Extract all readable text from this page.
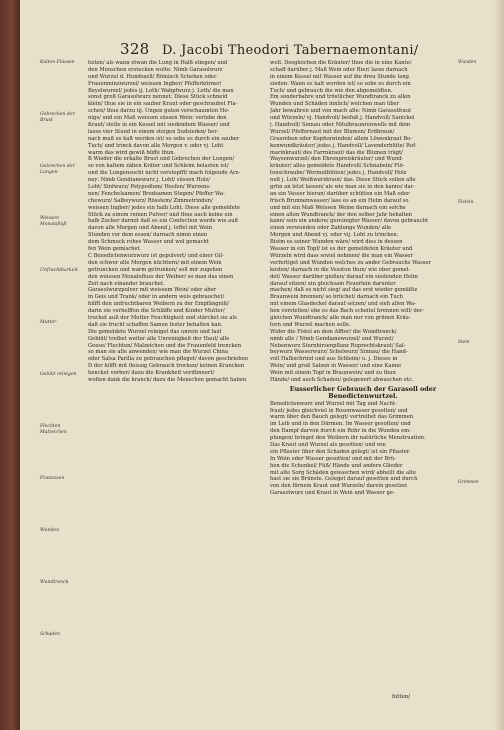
328 D. Jacobi Theodori Tabernaemontani/
Kalten Flüssen
Gebrechen der Brust
Gebrechen der Lungen
Weissen Monatsfluß
Unfruchtbarkeit
Mutter
Geblüt reinigen
Flechten Malzeichen
Franzosen
Wunden
Wundtranck
Schaden
tisten/ als wann etwan die Lung in Halß stiegen/ und
den Menschen erstecken wolte: Nimb Garasolwurz
und Wurzel d. Hundszell/ Römisch Schehen oder
Frauenminzwurzel/ weissen Ingber/ Pfefferkörner/
Beyelwurzel/ jedes ij. Loth/ Wahpfwurz j. Loth/ die man
sonst groß Garasolwurz nennet: Diese Stück schneid
klein/ thue sie in ein sauber Kraut oder geschraubet Fla-
schen/ thue darzu iij. Ungen guten verschaumten Ho-
nigs/ und ein Maß weissen süssen Wein: verlebe den
Kraut/ stelle in ein Kessel mit siedendem Wasser/ und
lasse vier Stund in einem steigen Sudsieden/ her-
nach muß es kalt werden ist/ so sebe es durch ein sauber
Tuch/ und trinck davon alle Morgen v. oder vj. Loht
warm das wird gewiß hüffe thun.
B Wieder die erkalte Brust und Gebrechen der Lungen/
so von kaltem zähen Kräter und Schleim belasten ist/
und die Lungensucht nicht verstopfft/ mach folgende Arz-
ney: Nimb Gendianewurz j. Loht/ süssen Holz/
Loht/ Sinfwurz/ Polypodium/ Hesfen/ Wurzens-
nen/ Fenchelsamen/ Brodsamen Stegen/ Pfeffer Wa-
chewurz/ Salbeywurz/ Rösstem/ Zimmetrinden/
weissen Ingber/ jedes ein halb Loht. Diese alle gemeldete
Stück zu einem reinen Pulver/ und thue auch keine ein
halb Zucker darmit daß es ein Confection werde wie auß
davon alle Morgen und Abend j. loffel mit Wein
Stunden vor dem essen/ darnach nimm einen
dem Schmuck rohes Wasser und wol gemacht
fen Wein gemischet.
C Benedictenwurzwurz ist gepulvert/ und einer Gil-
den schwer alle Morgen nüchtern/ mit einem Wein
getruncken und warm getrunken/ soll mir zugehen
den weissen Monatsfluss der Weiber/ so man das einen
Zeit nach einander brauchet.
Garasolwurzpulver mit weissem Wein/ oder aber
in Geis und Trank/ oder in andern weis gebrauchet/
hilfft den unfruchtbaren Weibern zu der Empfängniß/
darin sie verhelffen die Schläffe und Kinder Mutter/
trucket auß der Mutter Feuchtigkeit und stärcket sie als
daß sie frucht schaffen Samen fester behalten kan.
Die gemeldete Wurzel reiniget das unrein und faul
Geblüt/ treibet weiter alle Unreinigkeit der Haut/ alle
Geese/ Flechten/ Malzeichen und die Frauenfeld trencken
so man sie alle anwenden/ wie man die Wurzel China
oder Salsa Parilla zu gebrauchen pfleget/ davon geschrieben
D der hilfft mit fleissig Gebrauch trocken/ keinen Krancken
hencket vorher/ dazu die Krankheit verdünnert/
wolten dank die kranck/ dazu die Menschen gemacht haben
woll. Desgleichen die Kräuter/ thue die in eine Kante/
schaff darüber j. Maß Wein oder Bier/ lasse darnach
in einem Kessel mit Wasser auf die dreu Stunde lang
sieden: Wann es kalt worden ist/ so sebe es durch ein
Tuch/ und gebrauch die wie den abgemeldten.
Em sonderbahre und tröstlicher Wundtranck zu allen
Wunden und Schäden innlich/ welchen man über
Jahr bewahren und von mach alle: Nimb Garasolfraut
und Würzeln/ vj. Handvoll/ beifuß j. Handvoll/ Sanickel
j. Handvoll/ Sinnau oder Nitulbraunrenwells mit dem
Wurzel/ Pfeffernaut mit der Blumen/ Erdbraun/
Grasreben oder Kopfenwinden/ allein Löwenkraut Bo-
kenwundkräuter/ jedes j. Handvoll/ Lavenderblüte/ Rof-
marinkraut/ des Farrnkraut/ das die Blumen trägt/
Waysenwurzel/ den Ehrenpreiskräuter/ und Wund-
kräuter/ alles gemeldete Handvoll/ Schnabeln/ Flö-
tenschraube/ Wermutblüten/ jedes j. Handvoll/ Holz
nuß j. Loh/ Weißwurzkraut/ das. Diese Stück sollen alle
grün an letzt lassen/ als wie man sie in den kanns/ dar-
an ein Vesser hieran/ darüber schütten ein Maß oder
frisch Brunnenwasser/ lass es an ein Helm darauf so
und mit ein Maß Weissen Weine darnach ein solche
einen alten Wundtranck/ der den selber Jahr behalten
kann/ sein ein andere/ gereinigter Wasser/ davon gebraucht
einen verwunden oder Zahlungs Wunden/ alle
Morgen und Abend vj. oder vij. Loht zu trincken.
Bistm es seiner Wunden wäre/ wird dies in dessen
Wasser in ein Topf/ ist es der gemeldeten Kräuter und
Würzeln wird dass soviel nehmen/ die man ein Wasser
verfertiget und Wunden welches zu ander Gebrauchs Wasser
kosten/ darnach in die Vesstun thun/ wie ober gemel-
det/ Wasser darüber gießen/ darauf ein siedenden Helm
darauf sitzen/ ein gleichsam Feuerlein darunter
machen/ daß es nicht sieg/ auf das erst wieder gemäßtz
Braunwein brennen/ so brüchet/ darnach ein Tuch
mit einem Glasdeckel darauf setzen/ und sieh allen Wa-
hen vorstellen/ ehe es das Bach scheitel brennen will/ der-
gleichen Wundtranck/ alle man nur von grünen Kräu-
tern und Wurzel machen solle.
Wider die Fistel an dem Affter/ die Wundtranck/
nimb alle / Nimb Gendianewurzel/ und Wurzel/
Nebenwurz Sternhirsenpflanz Ruprechtskraut/ Sal-
beywurz Wasserwurz/ Schelwurz/ Sinnau/ die Hand-
voll Halbschrind und aus Schleim/ u. j. Dieses in
Wein/ und groß Salzen in Wasser/ und eine Kanne
Wein mit einem Topf in Braunwein/ und zu thun
Hände/ und auch Schaden/ gelegenert abwaschen etc.
Eusserlicher Gebrauch der Garasoll oder Benedictenwurtzel.
Benedictenwurz und Wurzel mit Tag und Nacht-
fraut/ jedes gleichviel in Rosenwasser gesotten/ und
warm über den Bauch gelegt/ vertreibet das Grimmen
im Leib und in den Därmen. Im Wasser gesotten/ und
den Dampf darvon durch ein Rohr in die Wunden em-
pfangen/ bringet den Weibern ihr natürliche Menstruation.
Das Kraut und Wurzel als gesotten/ und wie
ein Pflaster über den Schaden gelegt/ ist ein Pflaster.
In Wein oder Wasser gesotten/ und mit der Brü-
hen die Schenkel/ Füß/ Hände und andere Glieder
mit alte Sorg Schäden gewaschen wird/ abheilt die alte
hast sie sie Brünste. Geleget darauf gesotten und durch
von den fürnem Kraut und Wurzeln/ darein gesetzet
Garasolwurz und Kraut in Wein und Wasser ge-
Wunden
Fisteln
Stein
Grimmen
fotten/
